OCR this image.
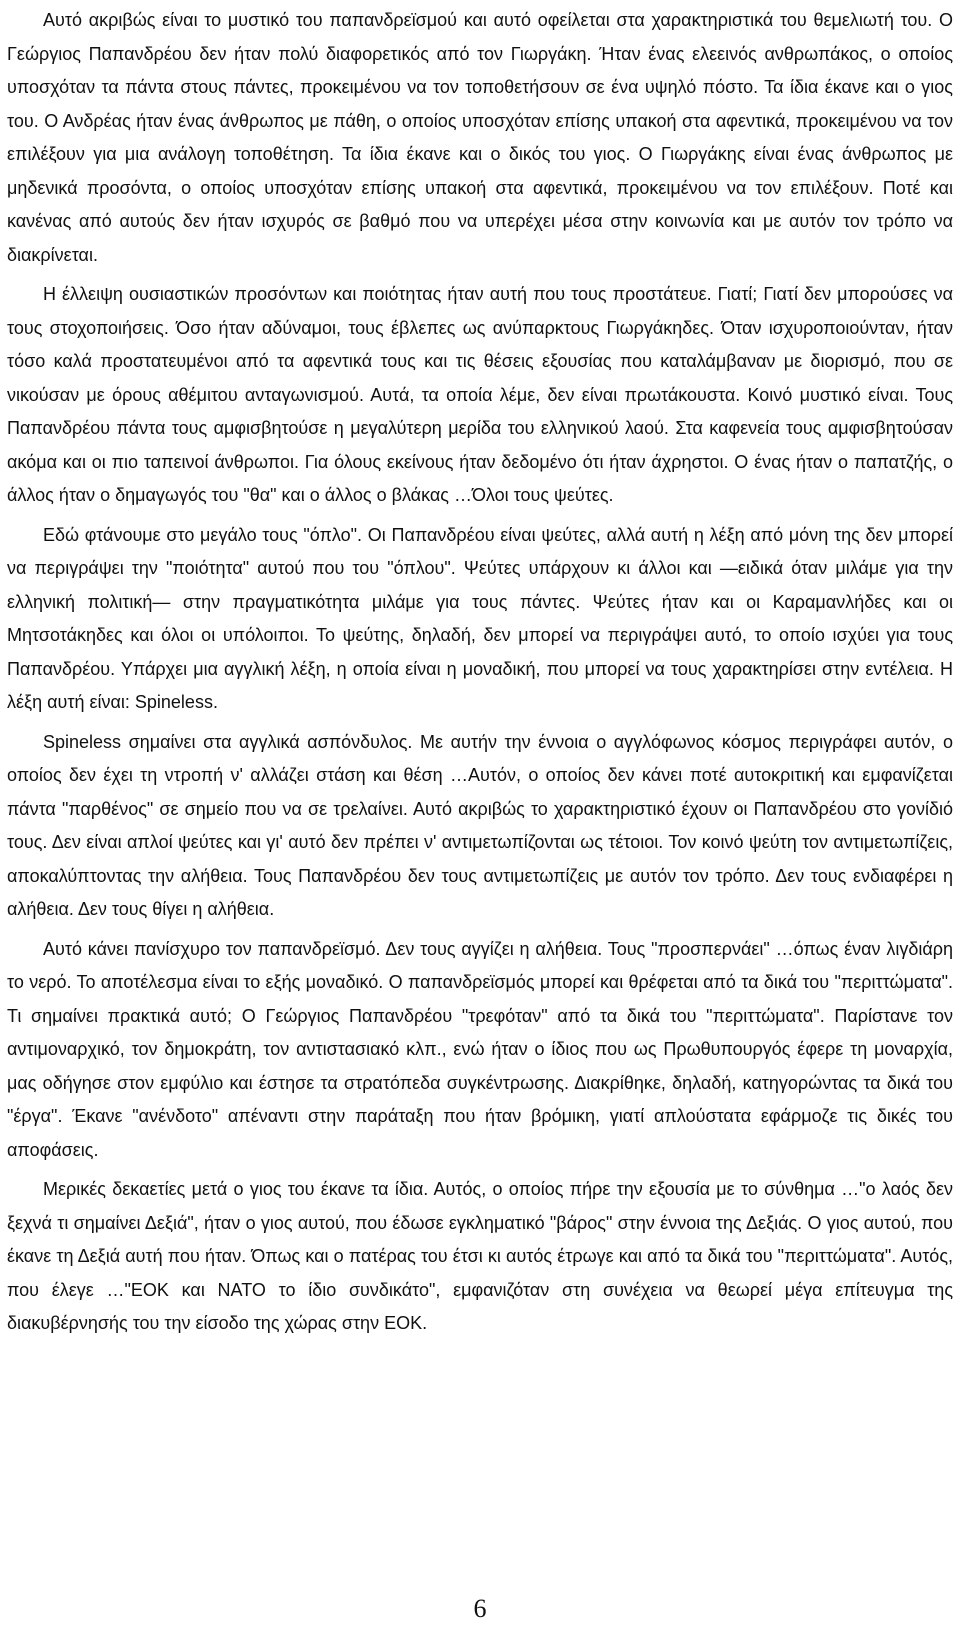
Αυτό ακριβώς είναι το μυστικό του παπανδρεϊσμού και αυτό οφείλεται στα χαρακτηριστικά του θεμελιωτή του. Ο Γεώργιος Παπανδρέου δεν ήταν πολύ διαφορετικός από τον Γιωργάκη. Ήταν ένας ελεεινός ανθρωπάκος, ο οποίος υποσχόταν τα πάντα στους πάντες, προκειμένου να τον τοποθετήσουν σε ένα υψηλό πόστο. Τα ίδια έκανε και ο γιος του. Ο Ανδρέας ήταν ένας άνθρωπος με πάθη, ο οποίος υποσχόταν επίσης υπακοή στα αφεντικά, προκειμένου να τον επιλέξουν για μια ανάλογη τοποθέτηση. Τα ίδια έκανε και ο δικός του γιος. Ο Γιωργάκης είναι ένας άνθρωπος με μηδενικά προσόντα, ο οποίος υποσχόταν επίσης υπακοή στα αφεντικά, προκειμένου να τον επιλέξουν. Ποτέ και κανένας από αυτούς δεν ήταν ισχυρός σε βαθμό που να υπερέχει μέσα στην κοινωνία και με αυτόν τον τρόπο να διακρίνεται.

Η έλλειψη ουσιαστικών προσόντων και ποιότητας ήταν αυτή που τους προστάτευε. Γιατί; Γιατί δεν μπορούσες να τους στοχοποιήσεις. Όσο ήταν αδύναμοι, τους έβλεπες ως ανύπαρκτους Γιωργάκηδες. Όταν ισχυροποιούνταν, ήταν τόσο καλά προστατευμένοι από τα αφεντικά τους και τις θέσεις εξουσίας που καταλάμβαναν με διορισμό, που σε νικούσαν με όρους αθέμιτου ανταγωνισμού. Αυτά, τα οποία λέμε, δεν είναι πρωτάκουστα. Κοινό μυστικό είναι. Τους Παπανδρέου πάντα τους αμφισβητούσε η μεγαλύτερη μερίδα του ελληνικού λαού. Στα καφενεία τους αμφισβητούσαν ακόμα και οι πιο ταπεινοί άνθρωποι. Για όλους εκείνους ήταν δεδομένο ότι ήταν άχρηστοι. Ο ένας ήταν ο παπατζής, ο άλλος ήταν ο δημαγωγός του "θα" και ο άλλος ο βλάκας …Όλοι τους ψεύτες.

Εδώ φτάνουμε στο μεγάλο τους "όπλο". Οι Παπανδρέου είναι ψεύτες, αλλά αυτή η λέξη από μόνη της δεν μπορεί να περιγράψει την "ποιότητα" αυτού που του "όπλου". Ψεύτες υπάρχουν κι άλλοι και —ειδικά όταν μιλάμε για την ελληνική πολιτική— στην πραγματικότητα μιλάμε για τους πάντες. Ψεύτες ήταν και οι Καραμανλήδες και οι Μητσοτάκηδες και όλοι οι υπόλοιποι. Το ψεύτης, δηλαδή, δεν μπορεί να περιγράψει αυτό, το οποίο ισχύει για τους Παπανδρέου. Υπάρχει μια αγγλική λέξη, η οποία είναι η μοναδική, που μπορεί να τους χαρακτηρίσει στην εντέλεια. Η λέξη αυτή είναι: Spineless.

Spineless σημαίνει στα αγγλικά ασπόνδυλος. Με αυτήν την έννοια ο αγγλόφωνος κόσμος περιγράφει αυτόν, ο οποίος δεν έχει τη ντροπή ν' αλλάζει στάση και θέση …Αυτόν, ο οποίος δεν κάνει ποτέ αυτοκριτική και εμφανίζεται πάντα "παρθένος" σε σημείο που να σε τρελαίνει. Αυτό ακριβώς το χαρακτηριστικό έχουν οι Παπανδρέου στο γονίδιό τους. Δεν είναι απλοί ψεύτες και γι' αυτό δεν πρέπει ν' αντιμετωπίζονται ως τέτοιοι. Τον κοινό ψεύτη τον αντιμετωπίζεις, αποκαλύπτοντας την αλήθεια. Τους Παπανδρέου δεν τους αντιμετωπίζεις με αυτόν τον τρόπο. Δεν τους ενδιαφέρει η αλήθεια. Δεν τους θίγει η αλήθεια.

Αυτό κάνει πανίσχυρο τον παπανδρεϊσμό. Δεν τους αγγίζει η αλήθεια. Τους "προσπερνάει" …όπως έναν λιγδιάρη το νερό. Το αποτέλεσμα είναι το εξής μοναδικό. Ο παπανδρεϊσμός μπορεί και θρέφεται από τα δικά του "περιττώματα". Τι σημαίνει πρακτικά αυτό; Ο Γεώργιος Παπανδρέου "τρεφόταν" από τα δικά του "περιττώματα". Παρίστανε τον αντιμοναρχικό, τον δημοκράτη, τον αντιστασιακό κλπ., ενώ ήταν ο ίδιος που ως Πρωθυπουργός έφερε τη μοναρχία, μας οδήγησε στον εμφύλιο και έστησε τα στρατόπεδα συγκέντρωσης. Διακρίθηκε, δηλαδή, κατηγορώντας τα δικά του "έργα". Έκανε "ανένδοτο" απέναντι στην παράταξη που ήταν βρόμικη, γιατί απλούστατα εφάρμοζε τις δικές του αποφάσεις.

Μερικές δεκαετίες μετά ο γιος του έκανε τα ίδια. Αυτός, ο οποίος πήρε την εξουσία με το σύνθημα …"ο λαός δεν ξεχνά τι σημαίνει Δεξιά", ήταν ο γιος αυτού, που έδωσε εγκληματικό "βάρος" στην έννοια της Δεξιάς. Ο γιος αυτού, που έκανε τη Δεξιά αυτή που ήταν. Όπως και ο πατέρας του έτσι κι αυτός έτρωγε και από τα δικά του "περιττώματα". Αυτός, που έλεγε …"ΕΟΚ και ΝΑΤΟ το ίδιο συνδικάτο", εμφανιζόταν στη συνέχεια να θεωρεί μέγα επίτευγμα της διακυβέρνησής του την είσοδο της χώρας στην ΕΟΚ.

6
